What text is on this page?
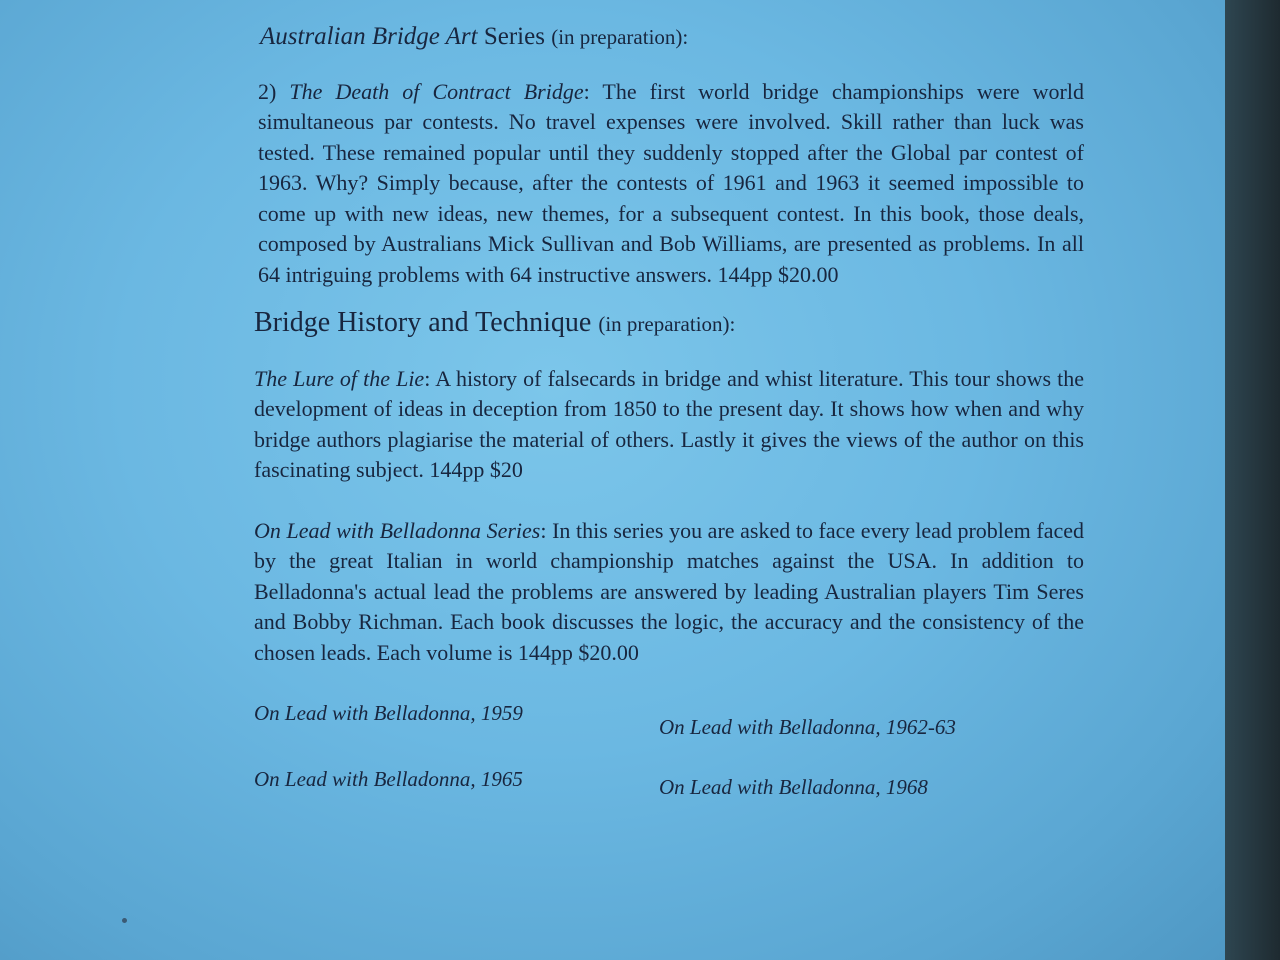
Australian Bridge Art Series (in preparation):

2) The Death of Contract Bridge: The first world bridge championships were world simultaneous par contests. No travel expenses were involved. Skill rather than luck was tested. These remained popular until they suddenly stopped after the Global par contest of 1963. Why? Simply because, after the contests of 1961 and 1963 it seemed impossible to come up with new ideas, new themes, for a subsequent contest. In this book, those deals, composed by Australians Mick Sullivan and Bob Williams, are presented as problems. In all 64 intriguing problems with 64 instructive answers. 144pp $20.00

Bridge History and Technique (in preparation):

The Lure of the Lie: A history of falsecards in bridge and whist literature. This tour shows the development of ideas in deception from 1850 to the present day. It shows how when and why bridge authors plagiarise the material of others. Lastly it gives the views of the author on this fascinating subject. 144pp $20

On Lead with Belladonna Series: In this series you are asked to face every lead problem faced by the great Italian in world championship matches against the USA. In addition to Belladonna's actual lead the problems are answered by leading Australian players Tim Seres and Bobby Richman. Each book discusses the logic, the accuracy and the consistency of the chosen leads. Each volume is 144pp $20.00

On Lead with Belladonna, 1959
On Lead with Belladonna, 1962-63
On Lead with Belladonna, 1965	On Lead with Belladonna, 1968
